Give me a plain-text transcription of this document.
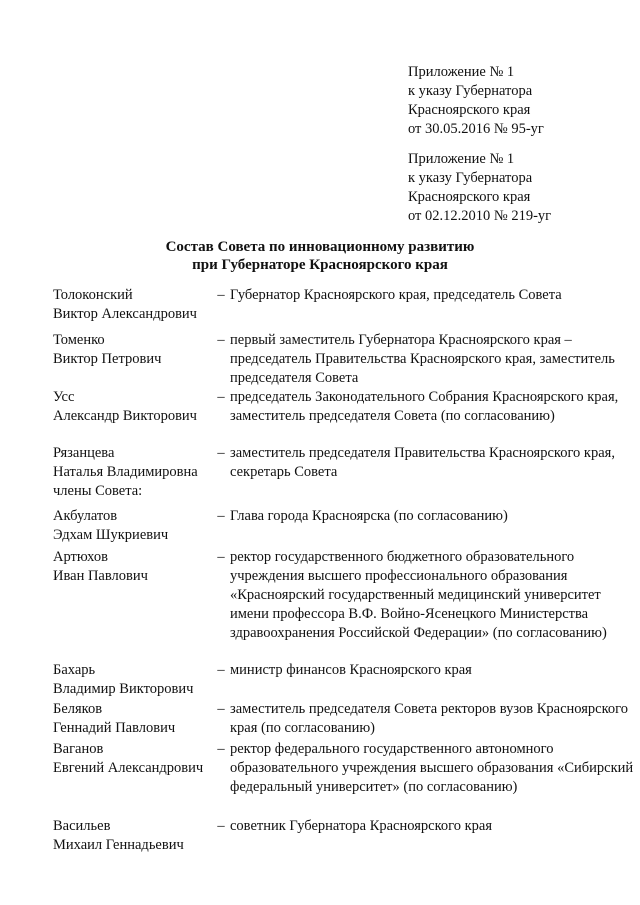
Приложение № 1
к указу Губернатора
Красноярского края
от 30.05.2016 № 95-уг
Приложение № 1
к указу Губернатора
Красноярского края
от 02.12.2010 № 219-уг
Состав Совета по инновационному развитию
при Губернаторе Красноярского края
Толоконский
Виктор Александрович
– Губернатор Красноярского края, председатель Совета
Томенко
Виктор Петрович
– первый заместитель Губернатора Красноярского края – председатель Правительства Красноярского края, заместитель председателя Совета
Усс
Александр Викторович
– председатель Законодательного Собрания Красноярского края, заместитель председателя Совета (по согласованию)
Рязанцева
Наталья Владимировна
– заместитель председателя Правительства Красноярского края, секретарь Совета
члены Совета:
Акбулатов
Эдхам Шукриевич
– Глава города Красноярска (по согласованию)
Артюхов
Иван Павлович
– ректор государственного бюджетного образовательного учреждения высшего профессионального образования «Красноярский государственный медицинский университет имени профессора В.Ф. Войно-Ясенецкого Министерства здравоохранения Российской Федерации» (по согласованию)
Бахарь
Владимир Викторович
– министр финансов Красноярского края
Беляков
Геннадий Павлович
– заместитель председателя Совета ректоров вузов Красноярского края (по согласованию)
Ваганов
Евгений Александрович
– ректор федерального государственного автономного образовательного учреждения высшего образования «Сибирский федеральный университет» (по согласованию)
Васильев
Михаил Геннадьевич
– советник Губернатора Красноярского края
